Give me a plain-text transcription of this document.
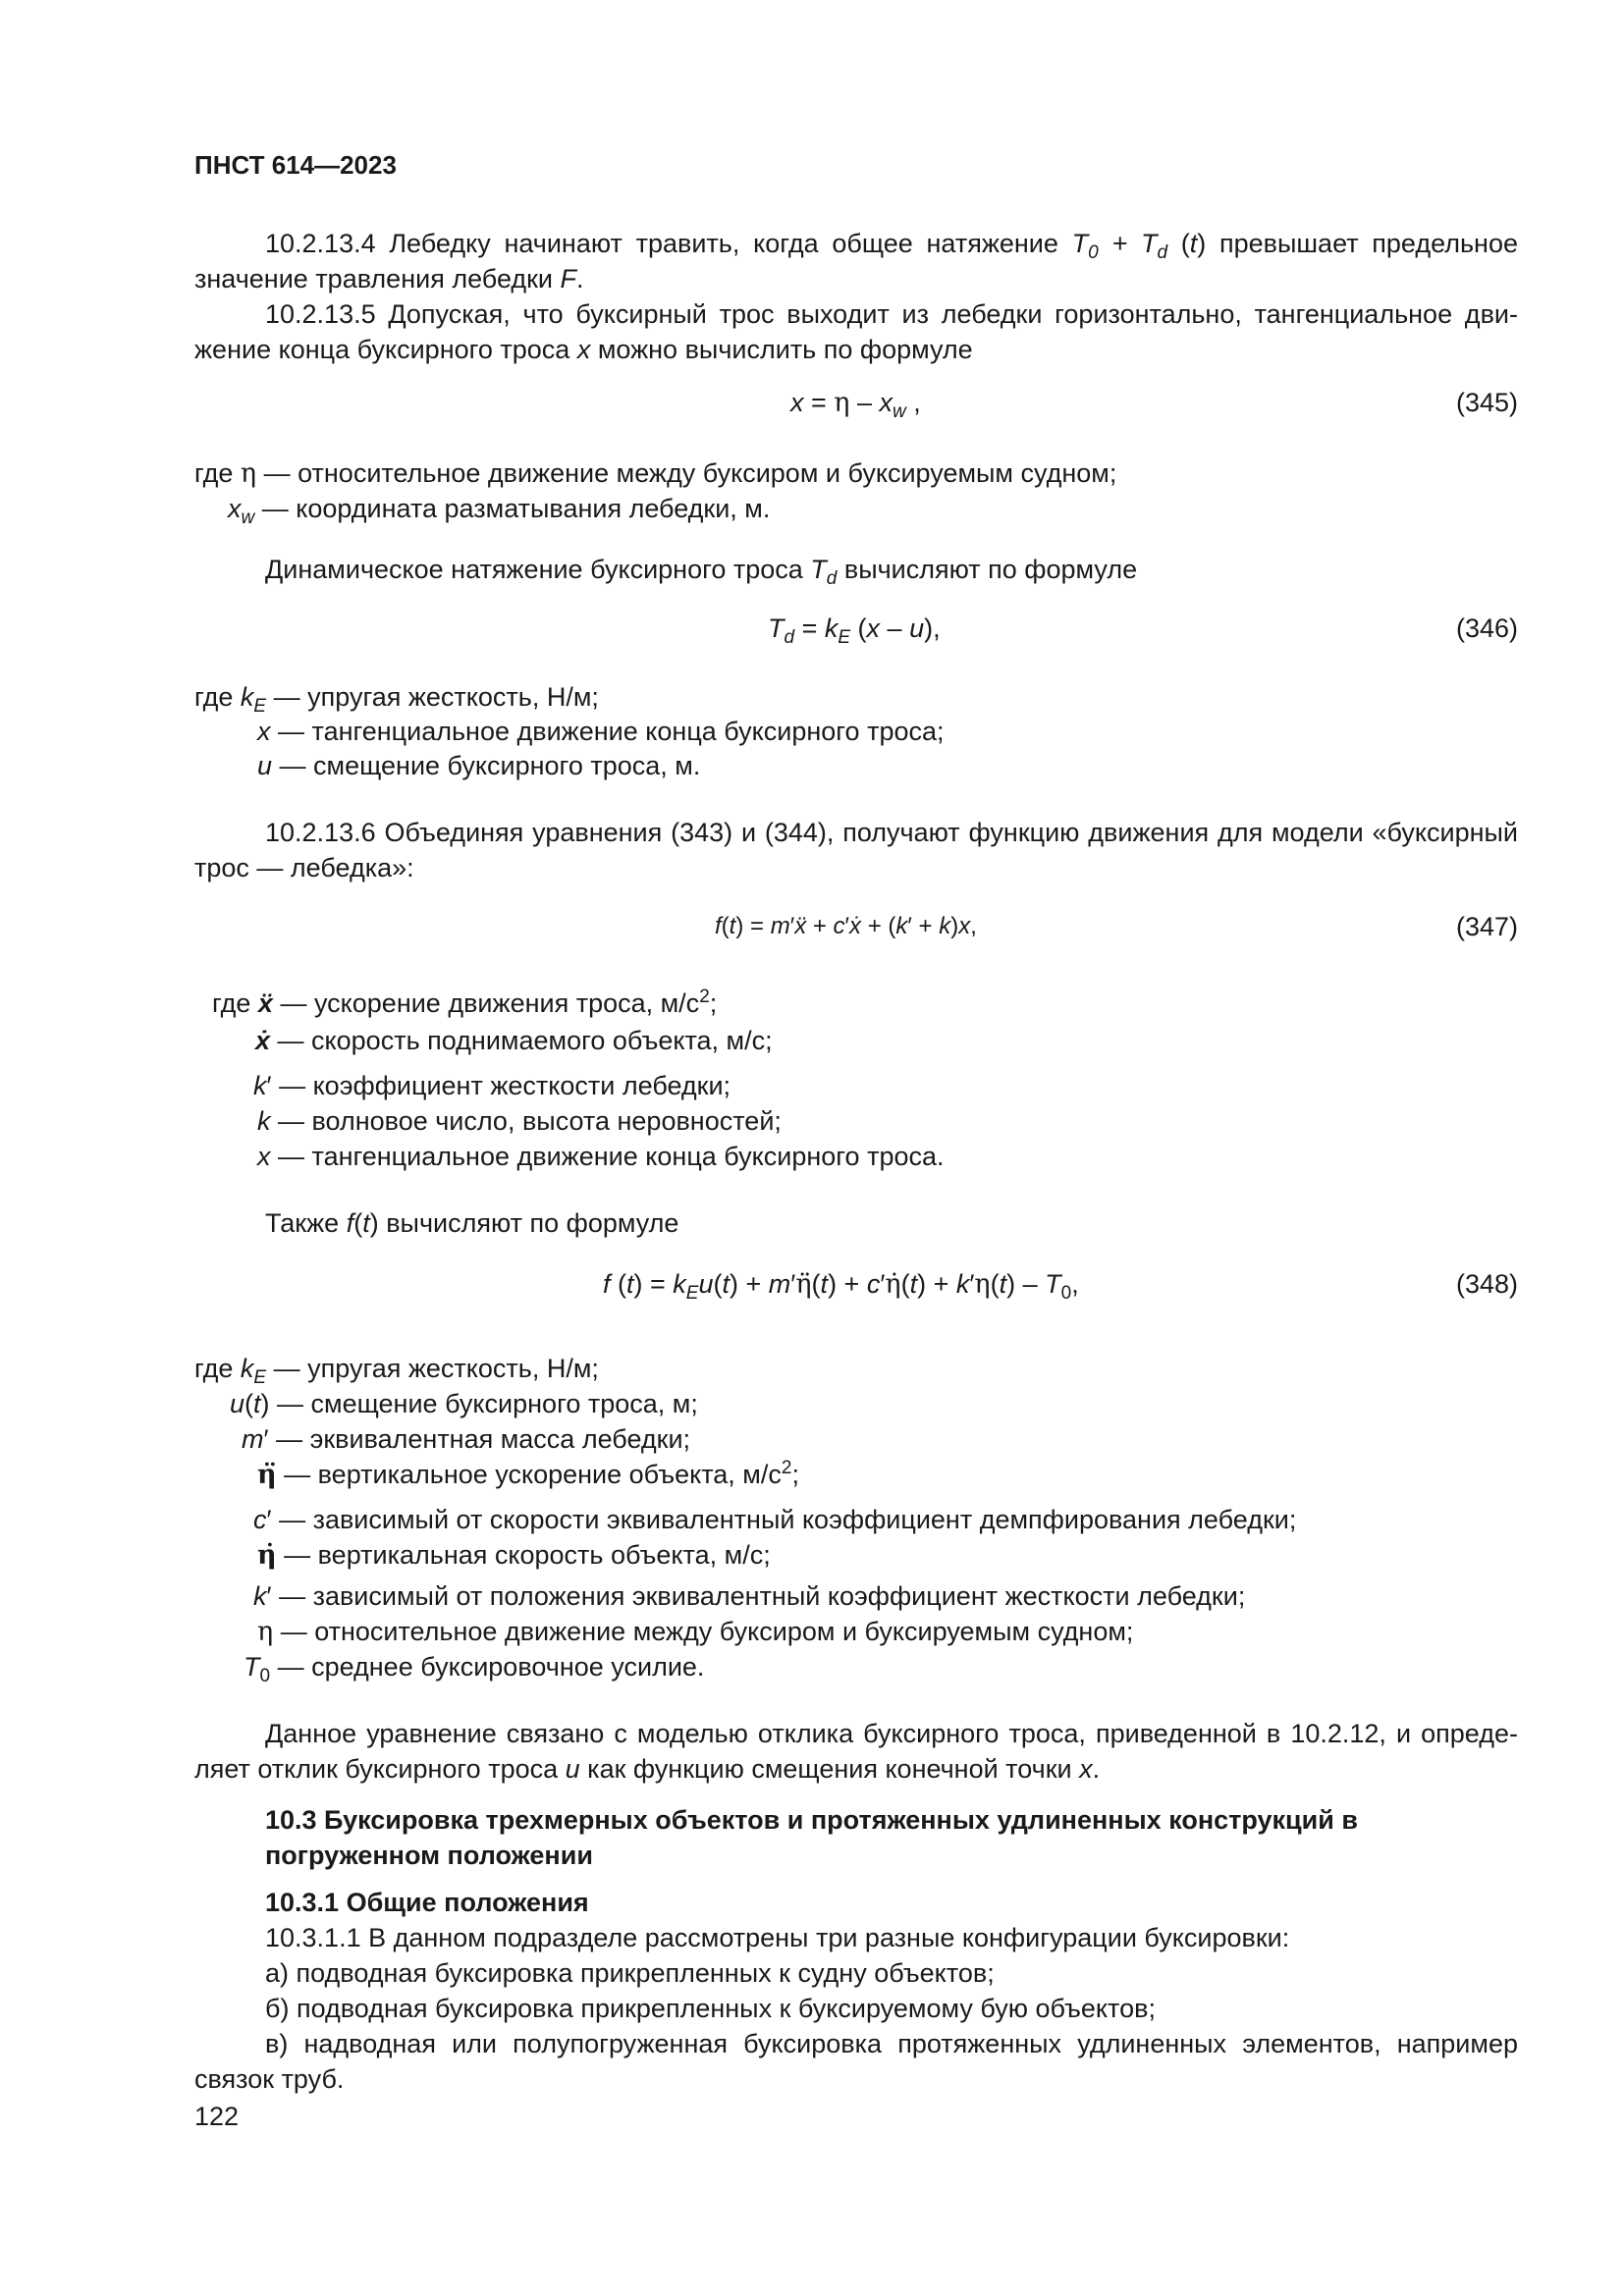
ПНСТ 614—2023
10.2.13.4 Лебедку начинают травить, когда общее натяжение $T_0 + T_d$ (t) превышает предельное значение травления лебедки F.
10.2.13.5 Допуская, что буксирный трос выходит из лебедки горизонтально, тангенциальное движение конца буксирного троса x можно вычислить по формуле
$x = \eta - x_w$ ,	(345)
где η — относительное движение между буксиром и буксируемым судном;
$x_w$ — координата разматывания лебедки, м.
Динамическое натяжение буксирного троса $T_d$ вычисляют по формуле
$T_d = k_E$ (x – u),	(346)
где $k_E$ — упругая жесткость, Н/м;
x — тангенциальное движение конца буксирного троса;
u — смещение буксирного троса, м.
10.2.13.6 Объединяя уравнения (343) и (344), получают функцию движения для модели «буксирный трос — лебедка»:
f(t) = m′ẍ + c′ẋ + (k′ + k)x,	(347)
где ẍ — ускорение движения троса, $м/с^2$;
ẋ — скорость поднимаемого объекта, м/с;
k′ — коэффициент жесткости лебедки;
k — волновое число, высота неровностей;
x — тангенциальное движение конца буксирного троса.
Также f(t) вычисляют по формуле
f $(t) = k_Eu(t)$ + m′η̈(t) + c′η̇(t) + $k'\eta(t) - T_0$,	(348)
где $k_E$ — упругая жесткость, Н/м;
u(t) — смещение буксирного троса, м;
m′ — эквивалентная масса лебедки;
η̈ — вертикальное ускорение объекта, $м/с^2$;
c′ — зависимый от скорости эквивалентный коэффициент демпфирования лебедки;
η̇ — вертикальная скорость объекта, м/с;
k′ — зависимый от положения эквивалентный коэффициент жесткости лебедки;
η — относительное движение между буксиром и буксируемым судном;
$T_0$ — среднее буксировочное усилие.
Данное уравнение связано с моделью отклика буксирного троса, приведенной в 10.2.12, и определяет отклик буксирного троса u как функцию смещения конечной точки x.
10.3 Буксировка трехмерных объектов и протяженных удлиненных конструкций в погруженном положении
10.3.1 Общие положения
10.3.1.1 В данном подразделе рассмотрены три разные конфигурации буксировки:
а) подводная буксировка прикрепленных к судну объектов;
б) подводная буксировка прикрепленных к буксируемому бую объектов;
в) надводная или полупогруженная буксировка протяженных удлиненных элементов, например связок труб.
122
